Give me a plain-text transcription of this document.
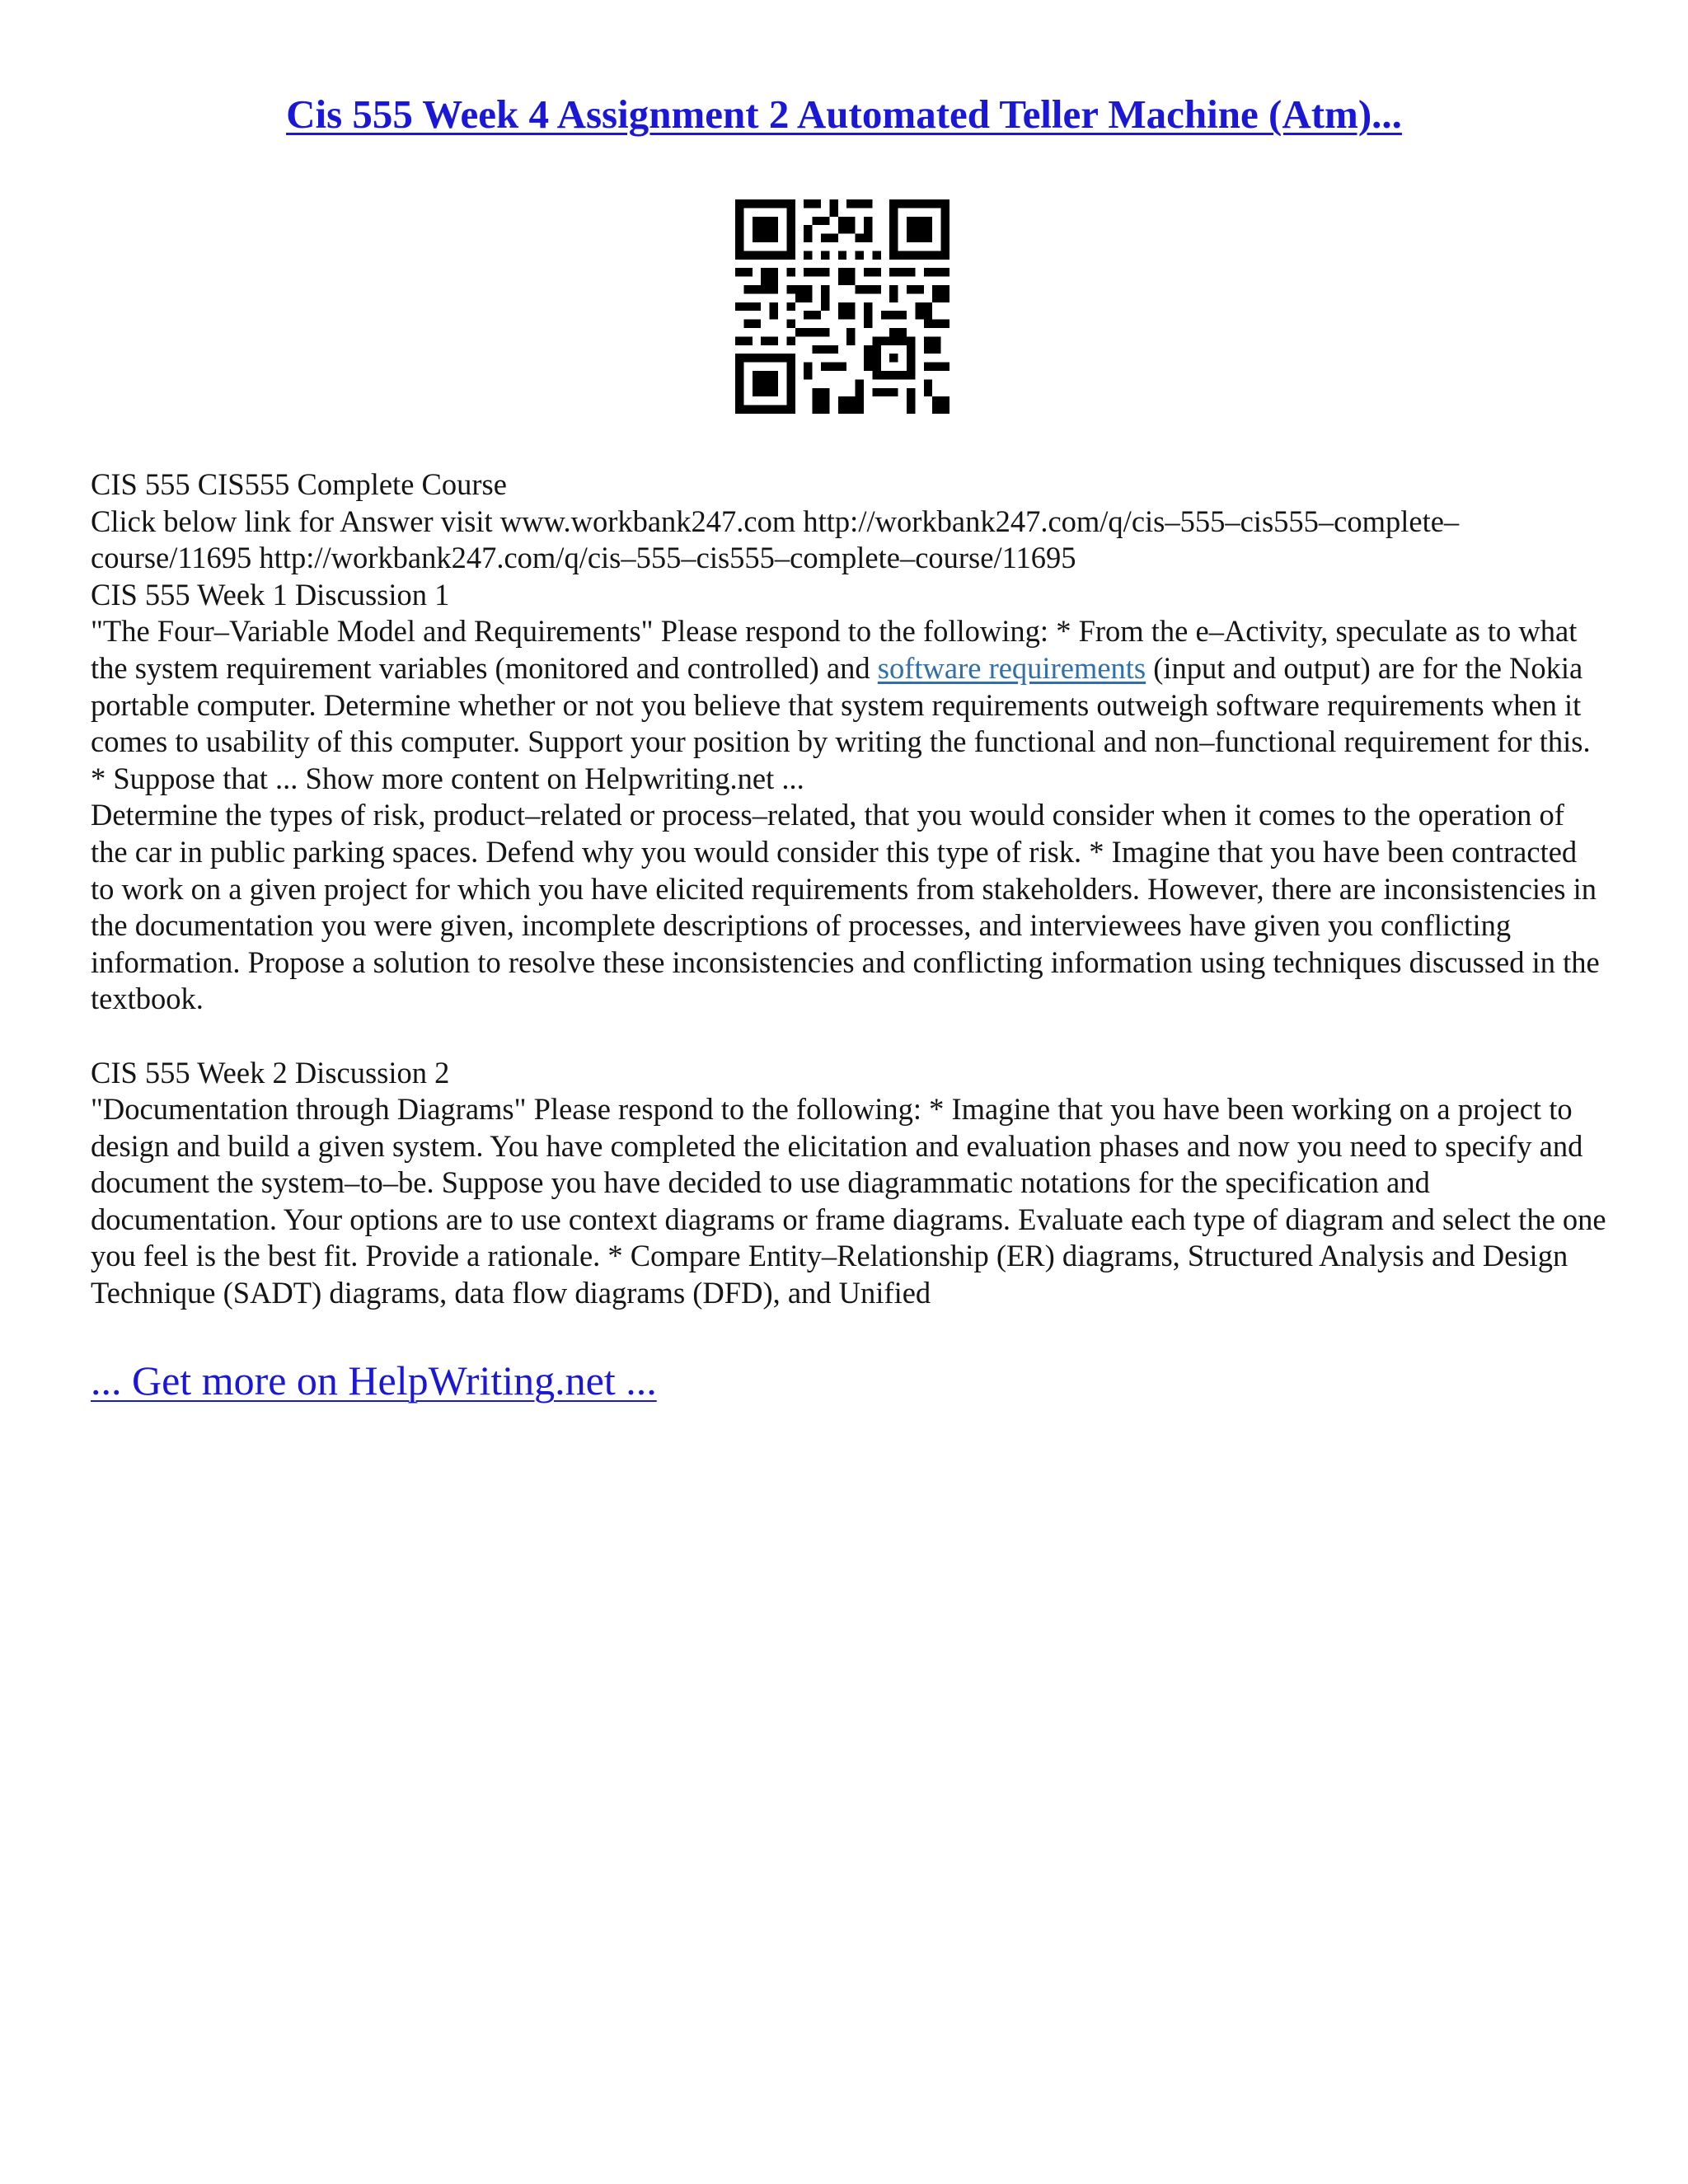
Cis 555 Week 4 Assignment 2 Automated Teller Machine (Atm)...

CIS 555 CIS555 Complete Course

Click below link for Answer visit www.workbank247.com http://workbank247.com/q/cis–555–cis555–complete–course/11695 http://workbank247.com/q/cis–555–cis555–complete–course/11695

CIS 555 Week 1 Discussion 1

"The Four–Variable Model and Requirements" Please respond to the following: * From the e–Activity, speculate as to what the system requirement variables (monitored and controlled) and software requirements (input and output) are for the Nokia portable computer. Determine whether or not you believe that system requirements outweigh software requirements when it comes to usability of this computer. Support your position by writing the functional and non–functional requirement for this. * Suppose that ... Show more content on Helpwriting.net ...

Determine the types of risk, product–related or process–related, that you would consider when it comes to the operation of the car in public parking spaces. Defend why you would consider this type of risk. * Imagine that you have been contracted to work on a given project for which you have elicited requirements from stakeholders. However, there are inconsistencies in the documentation you were given, incomplete descriptions of processes, and interviewees have given you conflicting information. Propose a solution to resolve these inconsistencies and conflicting information using techniques discussed in the textbook.

CIS 555 Week 2 Discussion 2

"Documentation through Diagrams" Please respond to the following: * Imagine that you have been working on a project to design and build a given system. You have completed the elicitation and evaluation phases and now you need to specify and document the system–to–be. Suppose you have decided to use diagrammatic notations for the specification and documentation. Your options are to use context diagrams or frame diagrams. Evaluate each type of diagram and select the one you feel is the best fit. Provide a rationale. * Compare Entity–Relationship (ER) diagrams, Structured Analysis and Design Technique (SADT) diagrams, data flow diagrams (DFD), and Unified

... Get more on HelpWriting.net ...
